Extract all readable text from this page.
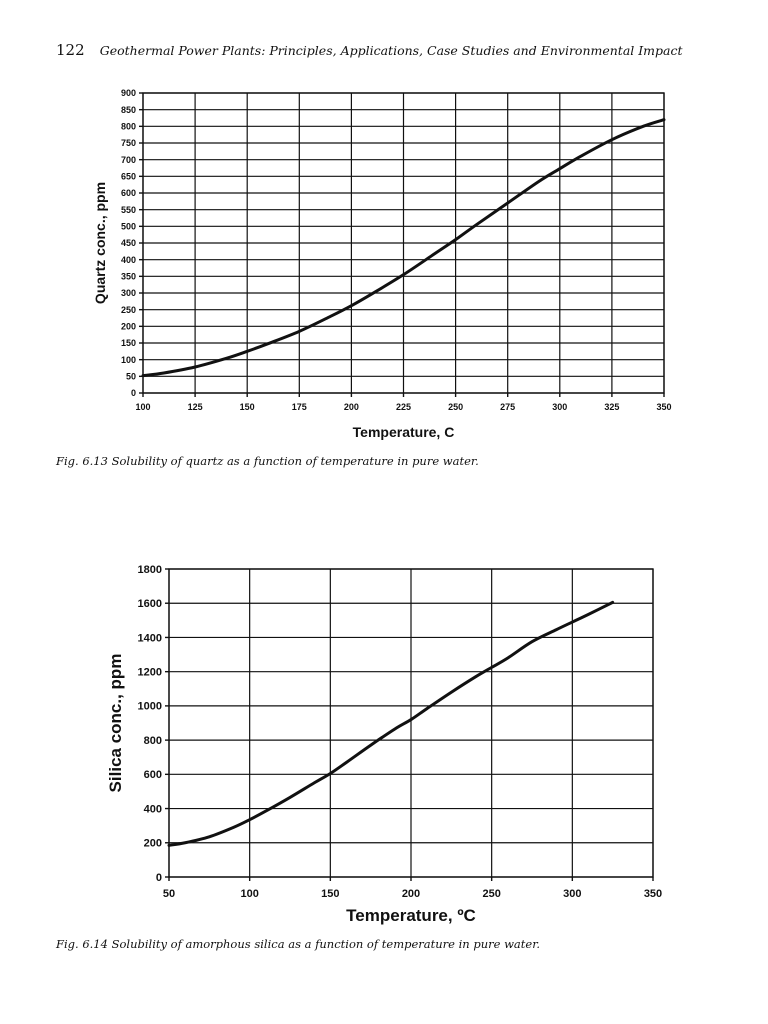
122 Geothermal Power Plants: Principles, Applications, Case Studies and Environmental Impact
100	125	150	175	200	225	250	275	300	325	350
0
50
100
150
200
250
300
350
400
450
500
550
600
650
700
750
800
850
900
Temperature, C
Quartz conc., ppm
Fig. 6.13 Solubility of quartz as a function of temperature in pure water.
50	100	150	200	250	300	350
0
200
400
600
800
1000
1200
1400
1600
1800
Temperature, ºC
Silica conc., ppm
Fig. 6.14 Solubility of amorphous silica as a function of temperature in pure water.
